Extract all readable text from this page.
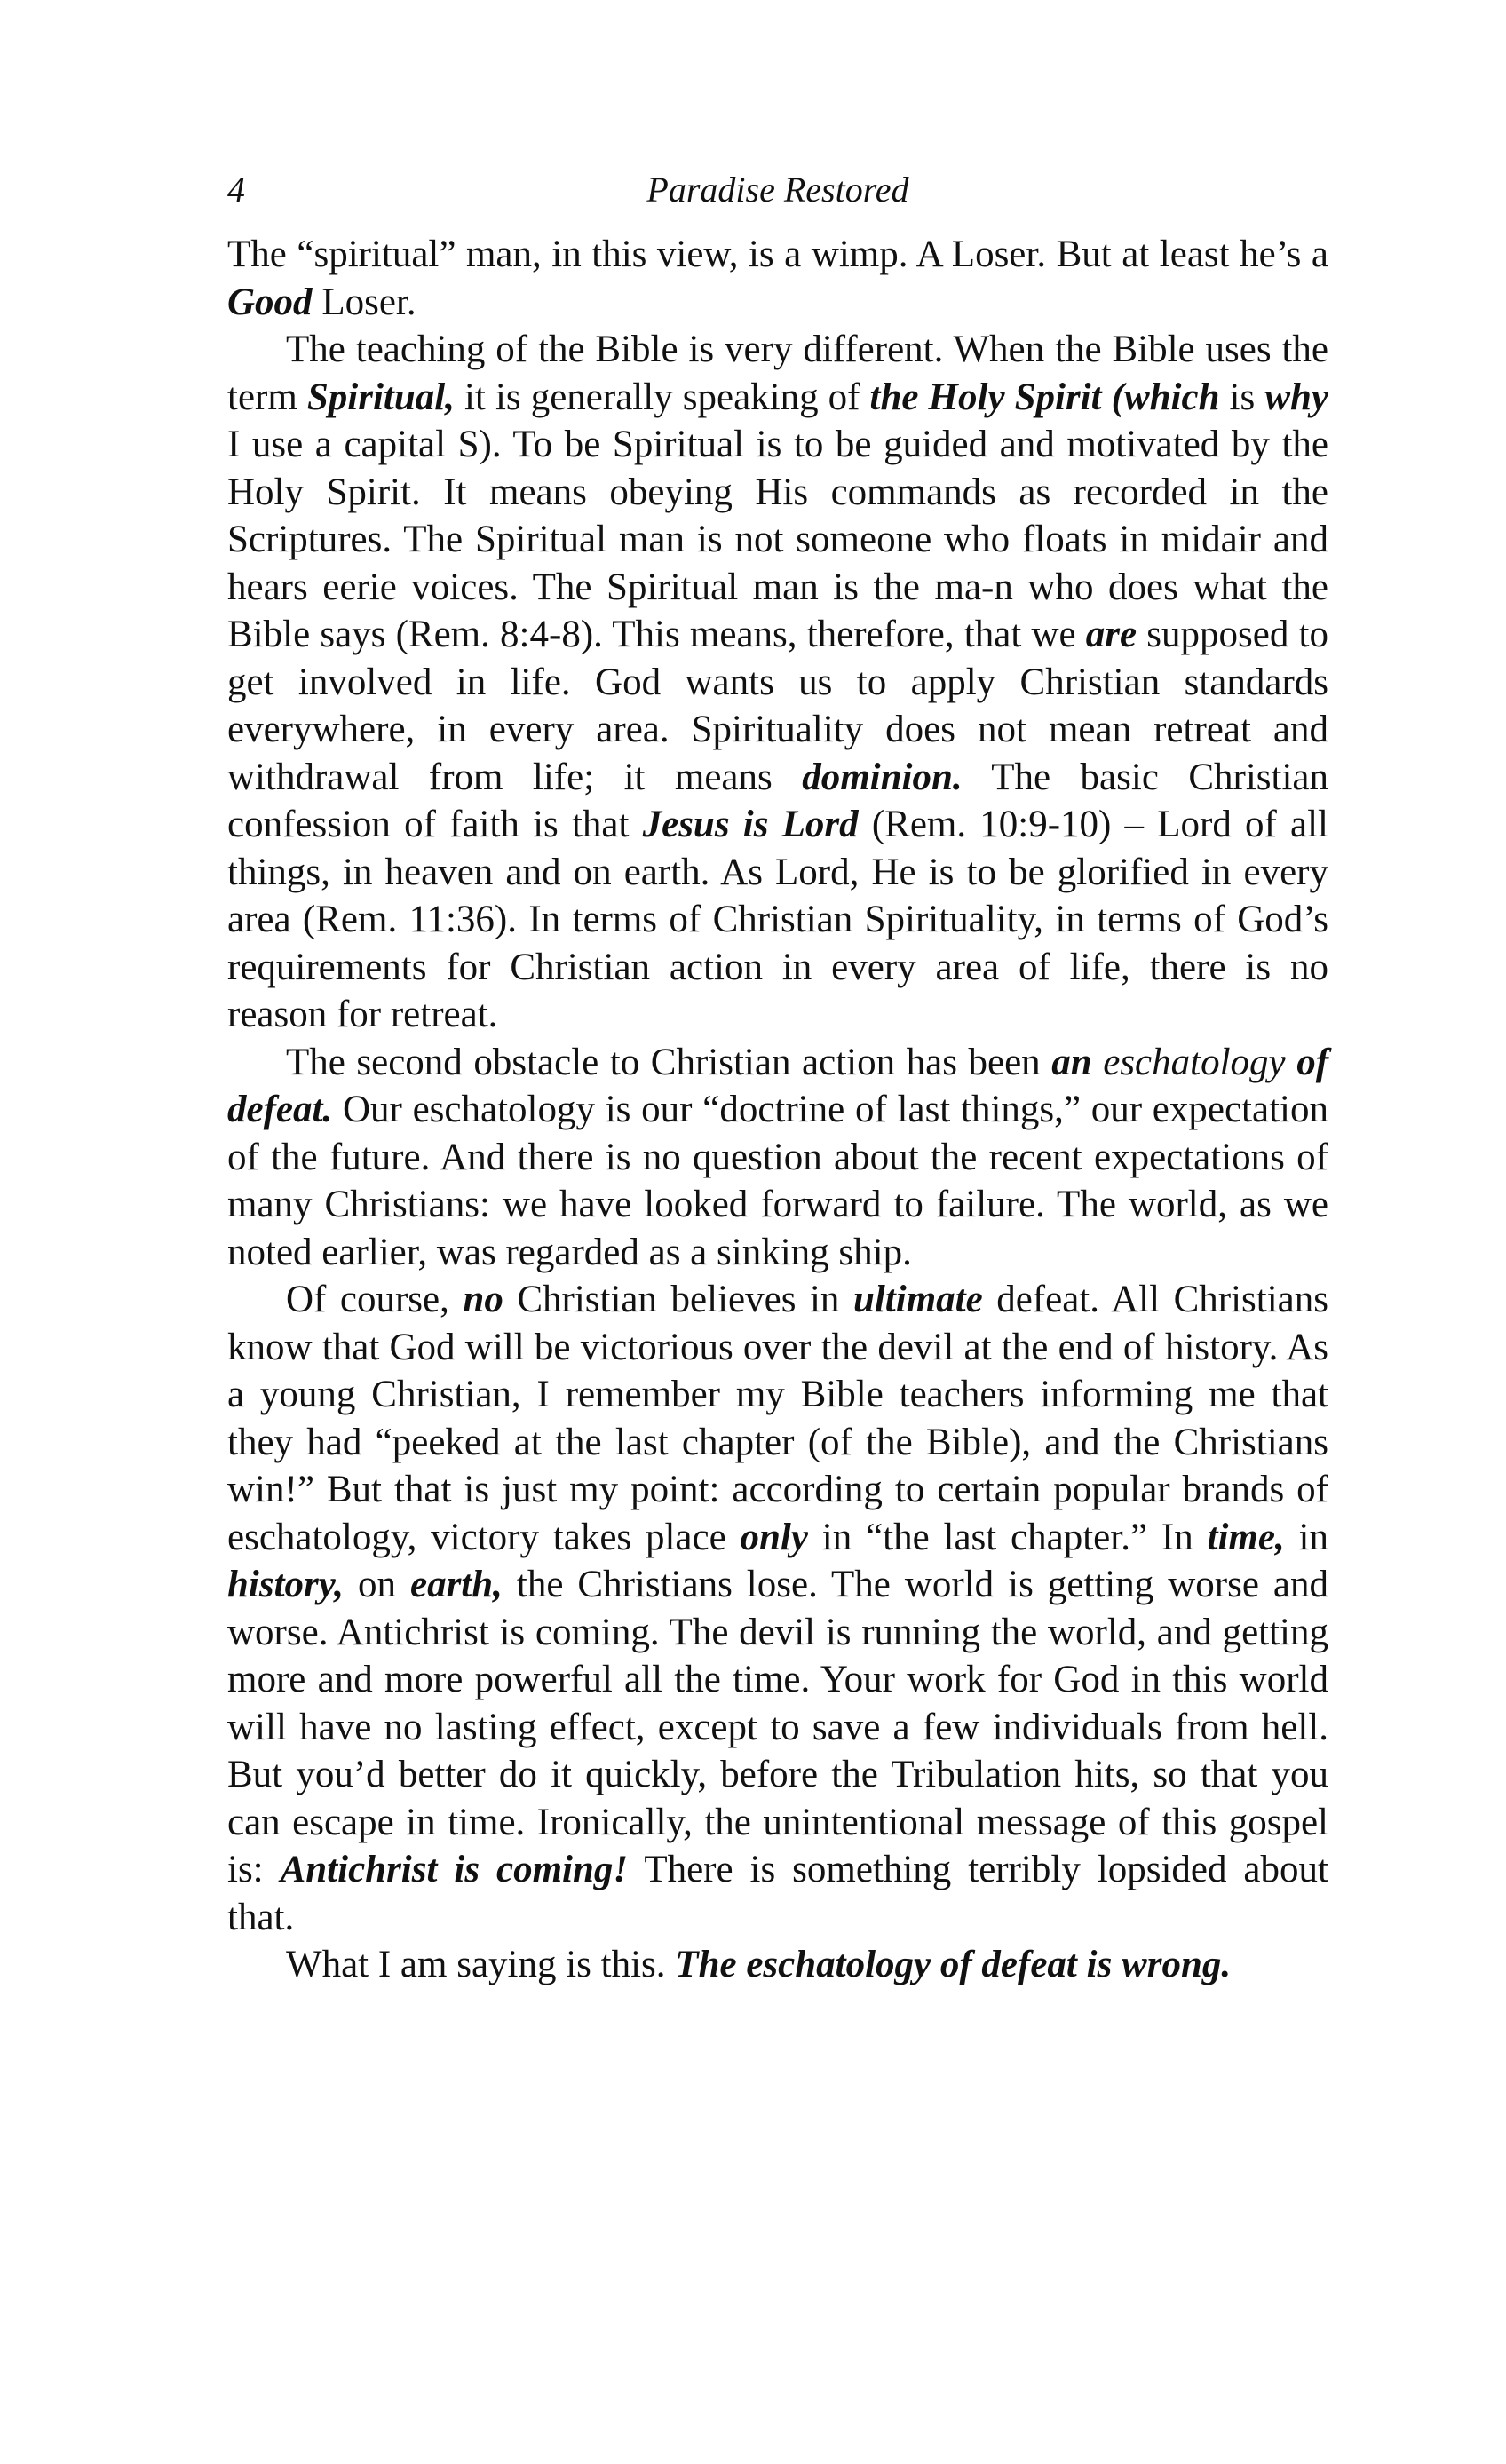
4	Paradise Restored

The “spiritual” man, in this view, is a wimp. A Loser. But at least he’s a Good Loser.

The teaching of the Bible is very different. When the Bible uses the term Spiritual, it is generally speaking of the Holy Spirit (which is why I use a capital S). To be Spiritual is to be guided and motivated by the Holy Spirit. It means obeying His commands as recorded in the Scriptures. The Spiritual man is not someone who floats in midair and hears eerie voices. The Spiritual man is the ma-n who does what the Bible says (Rem. 8:4-8). This means, therefore, that we are supposed to get involved in life. God wants us to apply Christian standards everywhere, in every area. Spirituality does not mean retreat and withdrawal from life; it means dominion. The basic Christian confession of faith is that Jesus is Lord (Rem. 10:9-10) – Lord of all things, in heaven and on earth. As Lord, He is to be glorified in every area (Rem. 11:36). In terms of Christian Spirituality, in terms of God’s requirements for Christian action in every area of life, there is no reason for retreat.

The second obstacle to Christian action has been an eschatology of defeat. Our eschatology is our “doctrine of last things,” our expectation of the future. And there is no question about the recent expectations of many Christians: we have looked forward to failure. The world, as we noted earlier, was regarded as a sinking ship.

Of course, no Christian believes in ultimate defeat. All Christians know that God will be victorious over the devil at the end of history. As a young Christian, I remember my Bible teachers informing me that they had “peeked at the last chapter (of the Bible), and the Christians win!” But that is just my point: according to certain popular brands of eschatology, victory takes place only in “the last chapter.” In time, in history, on earth, the Christians lose. The world is getting worse and worse. Antichrist is coming. The devil is running the world, and getting more and more powerful all the time. Your work for God in this world will have no lasting effect, except to save a few individuals from hell. But you’d better do it quickly, before the Tribulation hits, so that you can escape in time. Ironically, the unintentional message of this gospel is: Antichrist is coming! There is something terribly lopsided about that.

What I am saying is this. The eschatology of defeat is wrong.
